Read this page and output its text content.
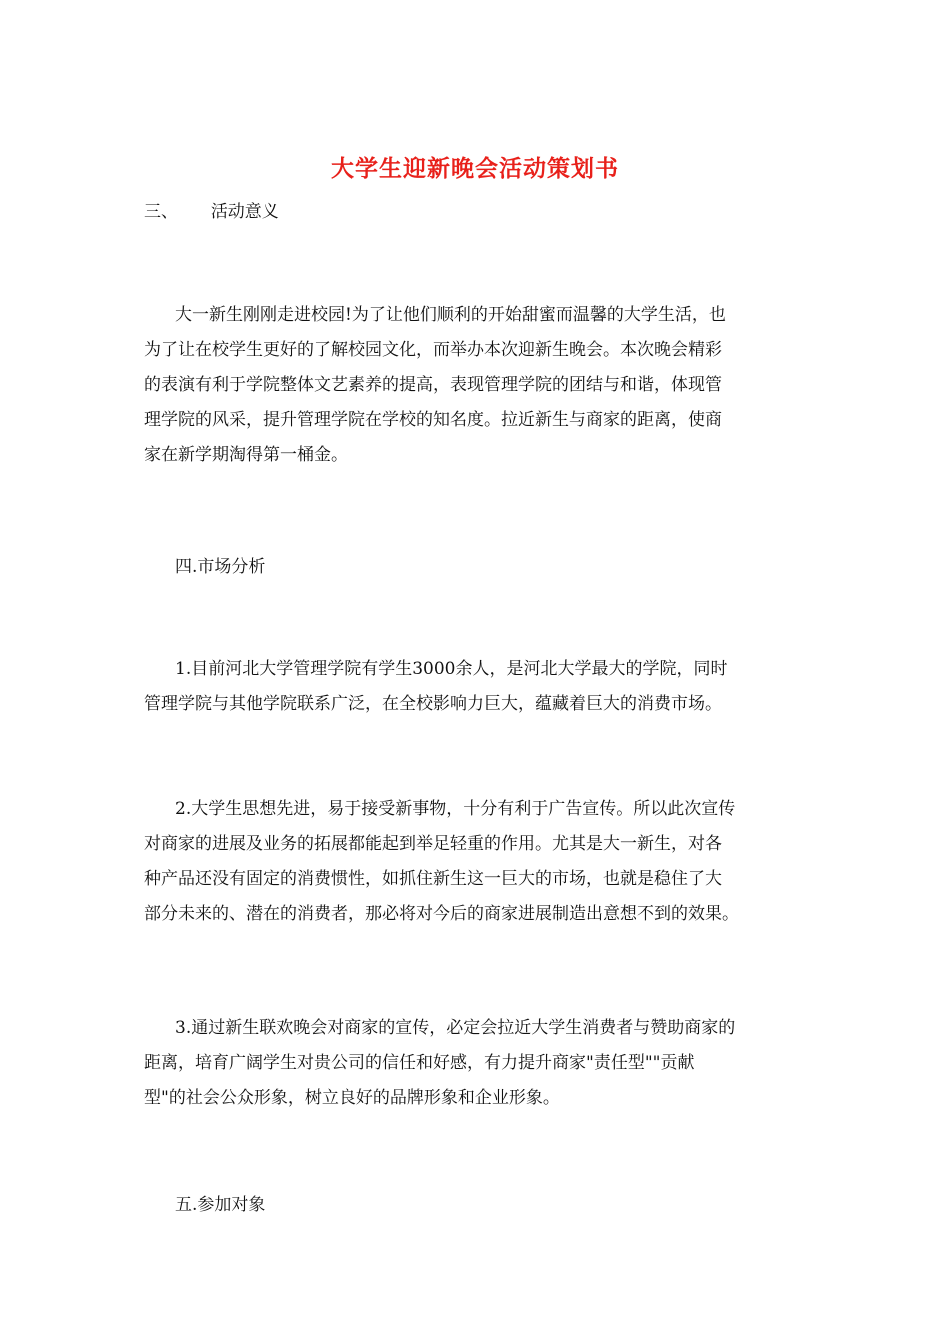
大学生迎新晚会活动策划书
三、 活动意义
大一新生刚刚走进校园!为了让他们顺利的开始甜蜜而温馨的大学生活，也
为了让在校学生更好的了解校园文化，而举办本次迎新生晚会。本次晚会精彩
的表演有利于学院整体文艺素养的提高，表现管理学院的团结与和谐，体现管
理学院的风采，提升管理学院在学校的知名度。拉近新生与商家的距离，使商
家在新学期淘得第一桶金。
四.市场分析
1.目前河北大学管理学院有学生3000余人，是河北大学最大的学院，同时
管理学院与其他学院联系广泛，在全校影响力巨大，蕴藏着巨大的消费市场。
2.大学生思想先进，易于接受新事物，十分有利于广告宣传。所以此次宣传
对商家的进展及业务的拓展都能起到举足轻重的作用。尤其是大一新生，对各
种产品还没有固定的消费惯性，如抓住新生这一巨大的市场，也就是稳住了大
部分未来的、潜在的消费者，那必将对今后的商家进展制造出意想不到的效果。
3.通过新生联欢晚会对商家的宣传，必定会拉近大学生消费者与赞助商家的
距离，培育广阔学生对贵公司的信任和好感，有力提升商家"责任型""贡献
型"的社会公众形象，树立良好的品牌形象和企业形象。
五.参加对象
